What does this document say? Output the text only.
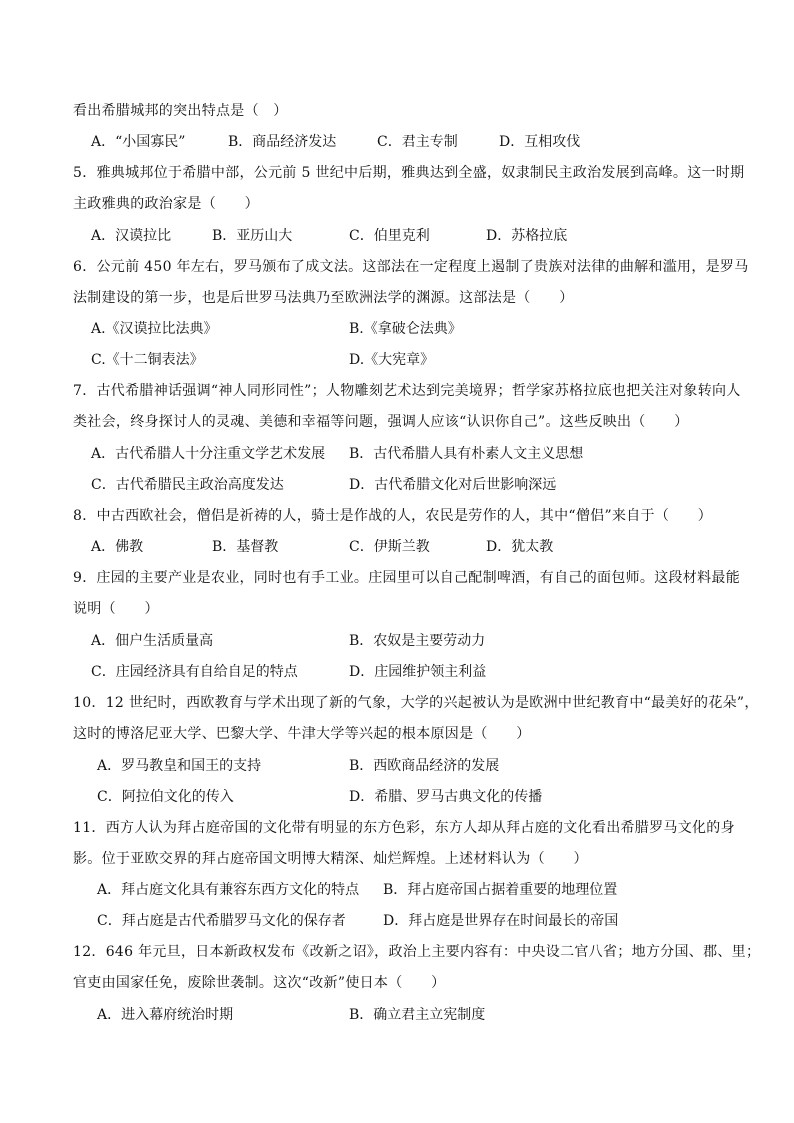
看出希腊城邦的突出特点是（　）
A．“小国寡民”	B．商品经济发达	C．君主专制	D．互相攻伐
5．雅典城邦位于希腊中部，公元前 5 世纪中后期，雅典达到全盛，奴隶制民主政治发展到高峰。这一时期
主政雅典的政治家是（　　）
A．汉谟拉比	B．亚历山大	C．伯里克利	D．苏格拉底
6．公元前 450 年左右，罗马颁布了成文法。这部法在一定程度上遏制了贵族对法律的曲解和滥用，是罗马
法制建设的第一步，也是后世罗马法典乃至欧洲法学的渊源。这部法是（　　）
A.《汉谟拉比法典》	B.《拿破仑法典》
C.《十二铜表法》	D.《大宪章》
7．古代希腊神话强调“神人同形同性”；人物雕刻艺术达到完美境界；哲学家苏格拉底也把关注对象转向人
类社会，终身探讨人的灵魂、美德和幸福等问题，强调人应该“认识你自己”。这些反映出（　　）
A．古代希腊人十分注重文学艺术发展 B．古代希腊人具有朴素人文主义思想
C．古代希腊民主政治高度发达	D．古代希腊文化对后世影响深远
8．中古西欧社会，僧侣是祈祷的人，骑士是作战的人，农民是劳作的人，其中“僧侣”来自于（　　）
A．佛教	B．基督教	C．伊斯兰教	D．犹太教
9．庄园的主要产业是农业，同时也有手工业。庄园里可以自己配制啤酒，有自己的面包师。这段材料最能
说明（　　）
A．佃户生活质量高	B．农奴是主要劳动力
C．庄园经济具有自给自足的特点	D．庄园维护领主利益
10．12 世纪时，西欧教育与学术出现了新的气象，大学的兴起被认为是欧洲中世纪教育中“最美好的花朵”，
这时的博洛尼亚大学、巴黎大学、牛津大学等兴起的根本原因是（　　）
A．罗马教皇和国王的支持	B．西欧商品经济的发展
C．阿拉伯文化的传入	D．希腊、罗马古典文化的传播
11．西方人认为拜占庭帝国的文化带有明显的东方色彩，东方人却从拜占庭的文化看出希腊罗马文化的身
影。位于亚欧交界的拜占庭帝国文明博大精深、灿烂辉煌。上述材料认为（　　）
A．拜占庭文化具有兼容东西方文化的特点 B．拜占庭帝国占据着重要的地理位置
C．拜占庭是古代希腊罗马文化的保存者	D．拜占庭是世界存在时间最长的帝国
12．646 年元旦，日本新政权发布《改新之诏》，政治上主要内容有：中央设二官八省；地方分国、郡、里；
官吏由国家任免，废除世袭制。这次“改新”使日本（　　）
A．进入幕府统治时期	B．确立君主立宪制度
